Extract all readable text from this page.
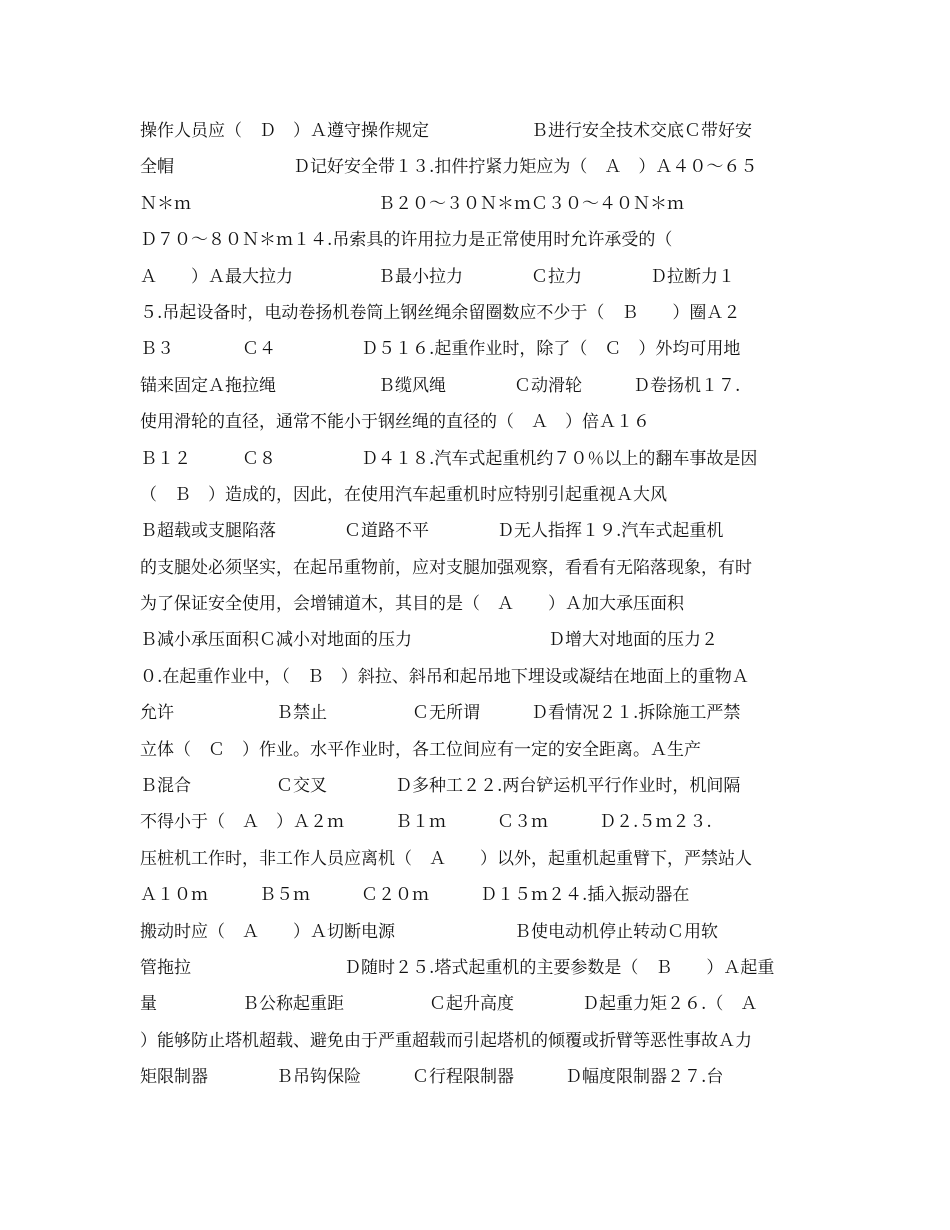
操作人员应（　Ｄ　）Ａ遵守操作规定　　　　　　Ｂ进行安全技术交底Ｃ带好安
全帽　　　　　　　Ｄ记好安全带１３.扣件拧紧力矩应为（　Ａ　）Ａ４０～６５
Ｎ＊ｍ　　　　　　　　　　　Ｂ２０～３０Ｎ＊ｍＣ３０～４０Ｎ＊ｍ
Ｄ７０～８０Ｎ＊ｍ１４.吊索具的许用拉力是正常使用时允许承受的（
Ａ　　）Ａ最大拉力　　　　　Ｂ最小拉力　　　　Ｃ拉力　　　　Ｄ拉断力１
５.吊起设备时，电动卷扬机卷筒上钢丝绳余留圈数应不少于（　Ｂ　　）圈Ａ２
Ｂ３　　　　Ｃ４　　　　　Ｄ５１６.起重作业时，除了（　Ｃ　）外均可用地
锚来固定Ａ拖拉绳　　　　　　Ｂ缆风绳　　　　Ｃ动滑轮　　　Ｄ卷扬机１７.
使用滑轮的直径，通常不能小于钢丝绳的直径的（　Ａ　）倍Ａ１６
Ｂ１２　　　Ｃ８　　　　　Ｄ４１８.汽车式起重机约７０％以上的翻车事故是因
（　Ｂ　）造成的，因此，在使用汽车起重机时应特别引起重视Ａ大风
Ｂ超载或支腿陷落　　　　Ｃ道路不平　　　　Ｄ无人指挥１９.汽车式起重机
的支腿处必须坚实，在起吊重物前，应对支腿加强观察，看看有无陷落现象，有时
为了保证安全使用，会增铺道木，其目的是（　Ａ　　）Ａ加大承压面积
Ｂ减小承压面积Ｃ减小对地面的压力　　　　　　　　Ｄ增大对地面的压力２
０.在起重作业中，（　Ｂ　）斜拉、斜吊和起吊地下埋设或凝结在地面上的重物Ａ
允许　　　　　　Ｂ禁止　　　　　Ｃ无所谓　　　Ｄ看情况２１.拆除施工严禁
立体（　Ｃ　）作业。水平作业时，各工位间应有一定的安全距离。Ａ生产
Ｂ混合　　　　　Ｃ交叉　　　　Ｄ多种工２２.两台铲运机平行作业时，机间隔
不得小于（　Ａ　）Ａ２ｍ　　　Ｂ１ｍ　　　Ｃ３ｍ　　　Ｄ２.５ｍ２３.
压桩机工作时，非工作人员应离机（　Ａ　　）以外，起重机起重臂下，严禁站人
Ａ１０ｍ　　　Ｂ５ｍ　　　Ｃ２０ｍ　　　Ｄ１５ｍ２４.插入振动器在
搬动时应（　Ａ　　）Ａ切断电源　　　　　　　Ｂ使电动机停止转动Ｃ用软
管拖拉　　　　　　　　　Ｄ随时２５.塔式起重机的主要参数是（　Ｂ　　）Ａ起重
量　　　　　Ｂ公称起重距　　　　　Ｃ起升高度　　　　Ｄ起重力矩２６.（　Ａ
）能够防止塔机超载、避免由于严重超载而引起塔机的倾覆或折臂等恶性事故Ａ力
矩限制器　　　　Ｂ吊钩保险　　　Ｃ行程限制器　　　Ｄ幅度限制器２７.台
